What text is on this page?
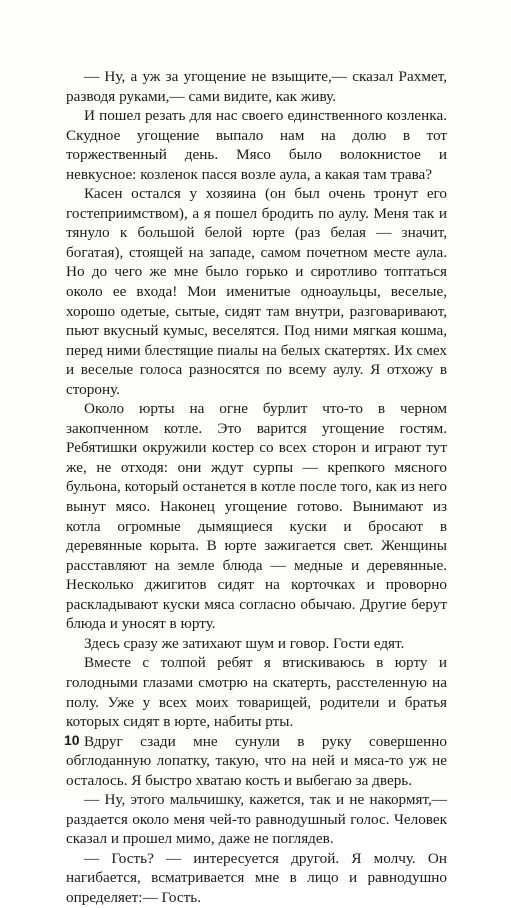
— Ну, а уж за угощение не взыщите,— сказал Рахмет, разводя руками,— сами видите, как живу.

И пошел резать для нас своего единственного козленка. Скудное угощение выпало нам на долю в тот торжественный день. Мясо было волокнистое и невкусное: козленок пасся возле аула, а какая там трава?

Касен остался у хозяина (он был очень тронут его гостеприимством), а я пошел бродить по аулу. Меня так и тянуло к большой белой юрте (раз белая — значит, богатая), стоящей на западе, самом почетном месте аула. Но до чего же мне было горько и сиротливо топтаться около ее входа! Мои именитые одноаульцы, веселые, хорошо одетые, сытые, сидят там внутри, разговаривают, пьют вкусный кумыс, веселятся. Под ними мягкая кошма, перед ними блестящие пиалы на белых скатертях. Их смех и веселые голоса разносятся по всему аулу. Я отхожу в сторону.

Около юрты на огне бурлит что-то в черном закопченном котле. Это варится угощение гостям. Ребятишки окружили костер со всех сторон и играют тут же, не отходя: они ждут сурпы — крепкого мясного бульона, который останется в котле после того, как из него вынут мясо. Наконец угощение готово. Вынимают из котла огромные дымящиеся куски и бросают в деревянные корыта. В юрте зажигается свет. Женщины расставляют на земле блюда — медные и деревянные. Несколько джигитов сидят на корточках и проворно раскладывают куски мяса согласно обычаю. Другие берут блюда и уносят в юрту.

Здесь сразу же затихают шум и говор. Гости едят.

Вместе с толпой ребят я втискиваюсь в юрту и голодными глазами смотрю на скатерть, расстеленную на полу. Уже у всех моих товарищей, родители и братья которых сидят в юрте, набиты рты.

Вдруг сзади мне сунули в руку совершенно обглоданную лопатку, такую, что на ней и мяса-то уж не осталось. Я быстро хватаю кость и выбегаю за дверь.

— Ну, этого мальчишку, кажется, так и не накормят,— раздается около меня чей-то равнодушный голос. Человек сказал и прошел мимо, даже не поглядев.

— Гость? — интересуется другой. Я молчу. Он нагибается, всматривается мне в лицо и равнодушно определяет:— Гость.

10
